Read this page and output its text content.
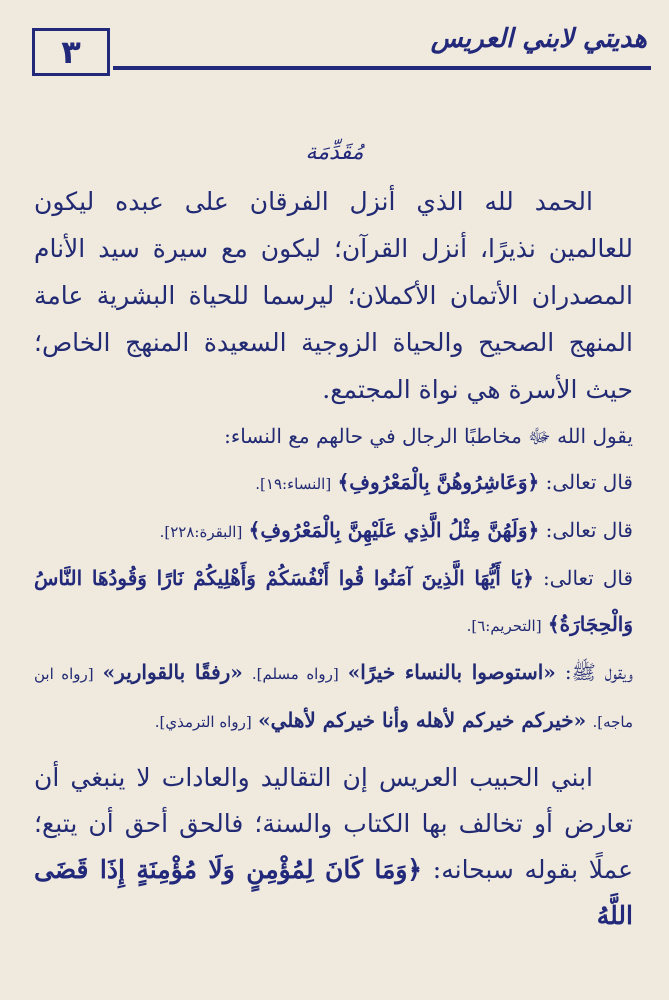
٣	هديتي لابني العريس
مُقَدِّمَة

الحمد لله الذي أنزل الفرقان على عبده ليكون للعالمين نذيرًا، أنزل القرآن؛ ليكون مع سيرة سيد الأنام المصدران الأتمان الأكملان؛ ليرسما للحياة البشرية عامة المنهج الصحيح والحياة الزوجية السعيدة المنهج الخاص؛ حيث الأسرة هي نواة المجتمع.

يقول الله ﷻ مخاطبًا الرجال في حالهم مع النساء:

قال تعالى: ﴿وَعَاشِرُوهُنَّ بِالْمَعْرُوفِ﴾ [النساء:١٩].

قال تعالى: ﴿وَلَهُنَّ مِثْلُ الَّذِي عَلَيْهِنَّ بِالْمَعْرُوفِ﴾ [البقرة:٢٢٨].

قال تعالى: ﴿يَا أَيُّهَا الَّذِينَ آمَنُوا قُوا أَنْفُسَكُمْ وَأَهْلِيكُمْ نَارًا وَقُودُهَا النَّاسُ وَالْحِجَارَةُ﴾ [التحريم:٦].

ويقول ﷺ: «استوصوا بالنساء خيرًا» [رواه مسلم]. «رفقًا بالقوارير» [رواه ابن ماجه]. «خيركم خيركم لأهله وأنا خيركم لأهلي» [رواه الترمذي].

ابني الحبيب العريس إن التقاليد والعادات لا ينبغي أن تعارض أو تخالف بها الكتاب والسنة؛ فالحق أحق أن يتبع؛ عملًا بقوله سبحانه: ﴿وَمَا كَانَ لِمُؤْمِنٍ وَلَا مُؤْمِنَةٍ إِذَا قَضَى اللَّهُ
